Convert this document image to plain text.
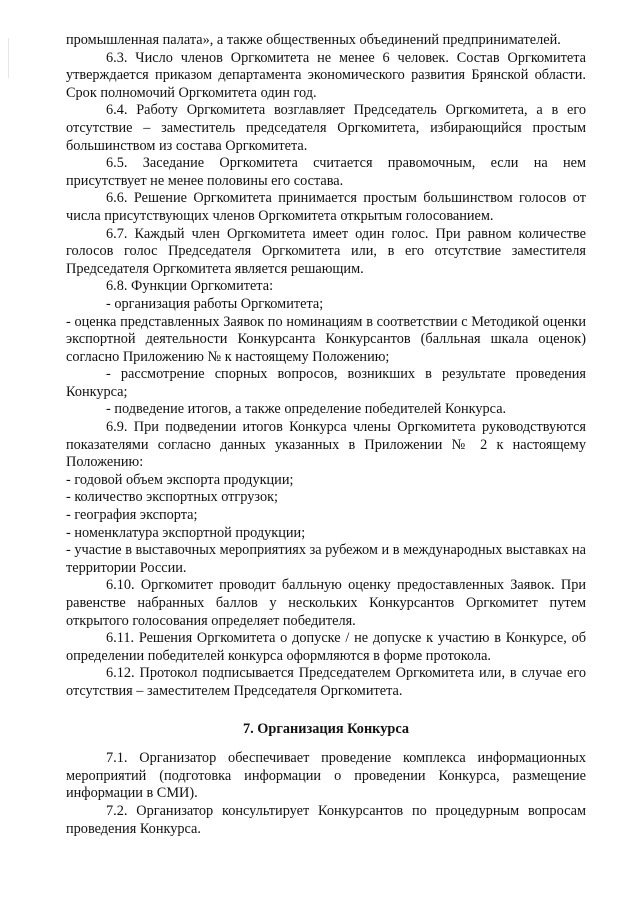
промышленная палата», а также общественных объединений предпринимателей.

6.3. Число членов Оргкомитета не менее 6 человек. Состав Оргкомитета утверждается приказом департамента экономического развития Брянской области. Срок полномочий Оргкомитета один год.

6.4. Работу Оргкомитета возглавляет Председатель Оргкомитета, а в его отсутствие – заместитель председателя Оргкомитета, избирающийся простым большинством из состава Оргкомитета.

6.5. Заседание Оргкомитета считается правомочным, если на нем присутствует не менее половины его состава.

6.6. Решение Оргкомитета принимается простым большинством голосов от числа присутствующих членов Оргкомитета открытым голосованием.

6.7. Каждый член Оргкомитета имеет один голос. При равном количестве голосов голос Председателя Оргкомитета или, в его отсутствие заместителя Председателя Оргкомитета является решающим.

6.8. Функции Оргкомитета:

- организация работы Оргкомитета;

- оценка представленных Заявок по номинациям в соответствии с Методикой оценки экспортной деятельности Конкурсанта Конкурсантов (балльная шкала оценок) согласно Приложению № к настоящему Положению;

- рассмотрение спорных вопросов, возникших в результате проведения Конкурса;

- подведение итогов, а также определение победителей Конкурса.

6.9. При подведении итогов Конкурса члены Оргкомитета руководствуются показателями согласно данных указанных в Приложении № 2 к настоящему Положению:

- годовой объем экспорта продукции;

- количество экспортных отгрузок;

- география экспорта;

- номенклатура экспортной продукции;

- участие в выставочных мероприятиях за рубежом и в международных выставках на территории России.

6.10. Оргкомитет проводит балльную оценку предоставленных Заявок. При равенстве набранных баллов у нескольких Конкурсантов Оргкомитет путем открытого голосования определяет победителя.

6.11. Решения Оргкомитета о допуске / не допуске к участию в Конкурсе, об определении победителей конкурса оформляются в форме протокола.

6.12. Протокол подписывается Председателем Оргкомитета или, в случае его отсутствия – заместителем Председателя Оргкомитета.

7. Организация Конкурса

7.1. Организатор обеспечивает проведение комплекса информационных мероприятий (подготовка информации о проведении Конкурса, размещение информации в СМИ).

7.2. Организатор консультирует Конкурсантов по процедурным вопросам проведения Конкурса.
